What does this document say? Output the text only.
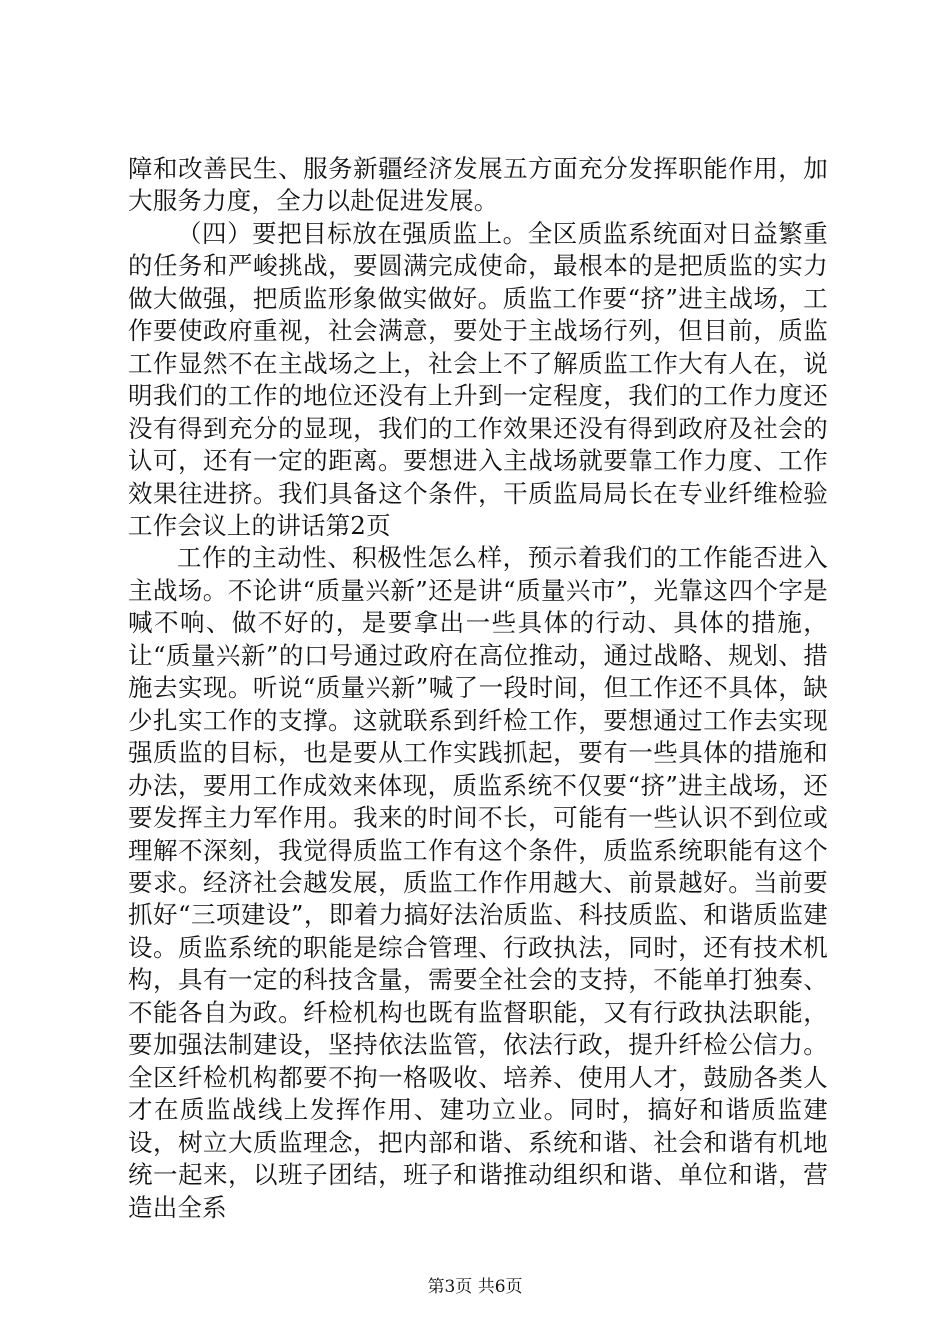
障和改善民生、服务新疆经济发展五方面充分发挥职能作用，加大服务力度，全力以赴促进发展。

（四）要把目标放在强质监上。全区质监系统面对日益繁重的任务和严峻挑战，要圆满完成使命，最根本的是把质监的实力做大做强，把质监形象做实做好。质监工作要“挤”进主战场，工作要使政府重视，社会满意，要处于主战场行列，但目前，质监工作显然不在主战场之上，社会上不了解质监工作大有人在，说明我们的工作的地位还没有上升到一定程度，我们的工作力度还没有得到充分的显现，我们的工作效果还没有得到政府及社会的认可，还有一定的距离。要想进入主战场就要靠工作力度、工作效果往进挤。我们具备这个条件，干质监局局长在专业纤维检验工作会议上的讲话第2页

工作的主动性、积极性怎么样，预示着我们的工作能否进入主战场。不论讲“质量兴新”还是讲“质量兴市”，光靠这四个字是喊不响、做不好的，是要拿出一些具体的行动、具体的措施，让“质量兴新”的口号通过政府在高位推动，通过战略、规划、措施去实现。听说“质量兴新”喊了一段时间，但工作还不具体，缺少扎实工作的支撑。这就联系到纤检工作，要想通过工作去实现强质监的目标，也是要从工作实践抓起，要有一些具体的措施和办法，要用工作成效来体现，质监系统不仅要“挤”进主战场，还要发挥主力军作用。我来的时间不长，可能有一些认识不到位或理解不深刻，我觉得质监工作有这个条件，质监系统职能有这个要求。经济社会越发展，质监工作作用越大、前景越好。当前要抓好“三项建设”，即着力搞好法治质监、科技质监、和谐质监建设。质监系统的职能是综合管理、行政执法，同时，还有技术机构，具有一定的科技含量，需要全社会的支持，不能单打独奏、不能各自为政。纤检机构也既有监督职能，又有行政执法职能，要加强法制建设，坚持依法监管，依法行政，提升纤检公信力。全区纤检机构都要不拘一格吸收、培养、使用人才，鼓励各类人才在质监战线上发挥作用、建功立业。同时，搞好和谐质监建设，树立大质监理念，把内部和谐、系统和谐、社会和谐有机地统一起来，以班子团结，班子和谐推动组织和谐、单位和谐，营造出全系

第3页 共6页
